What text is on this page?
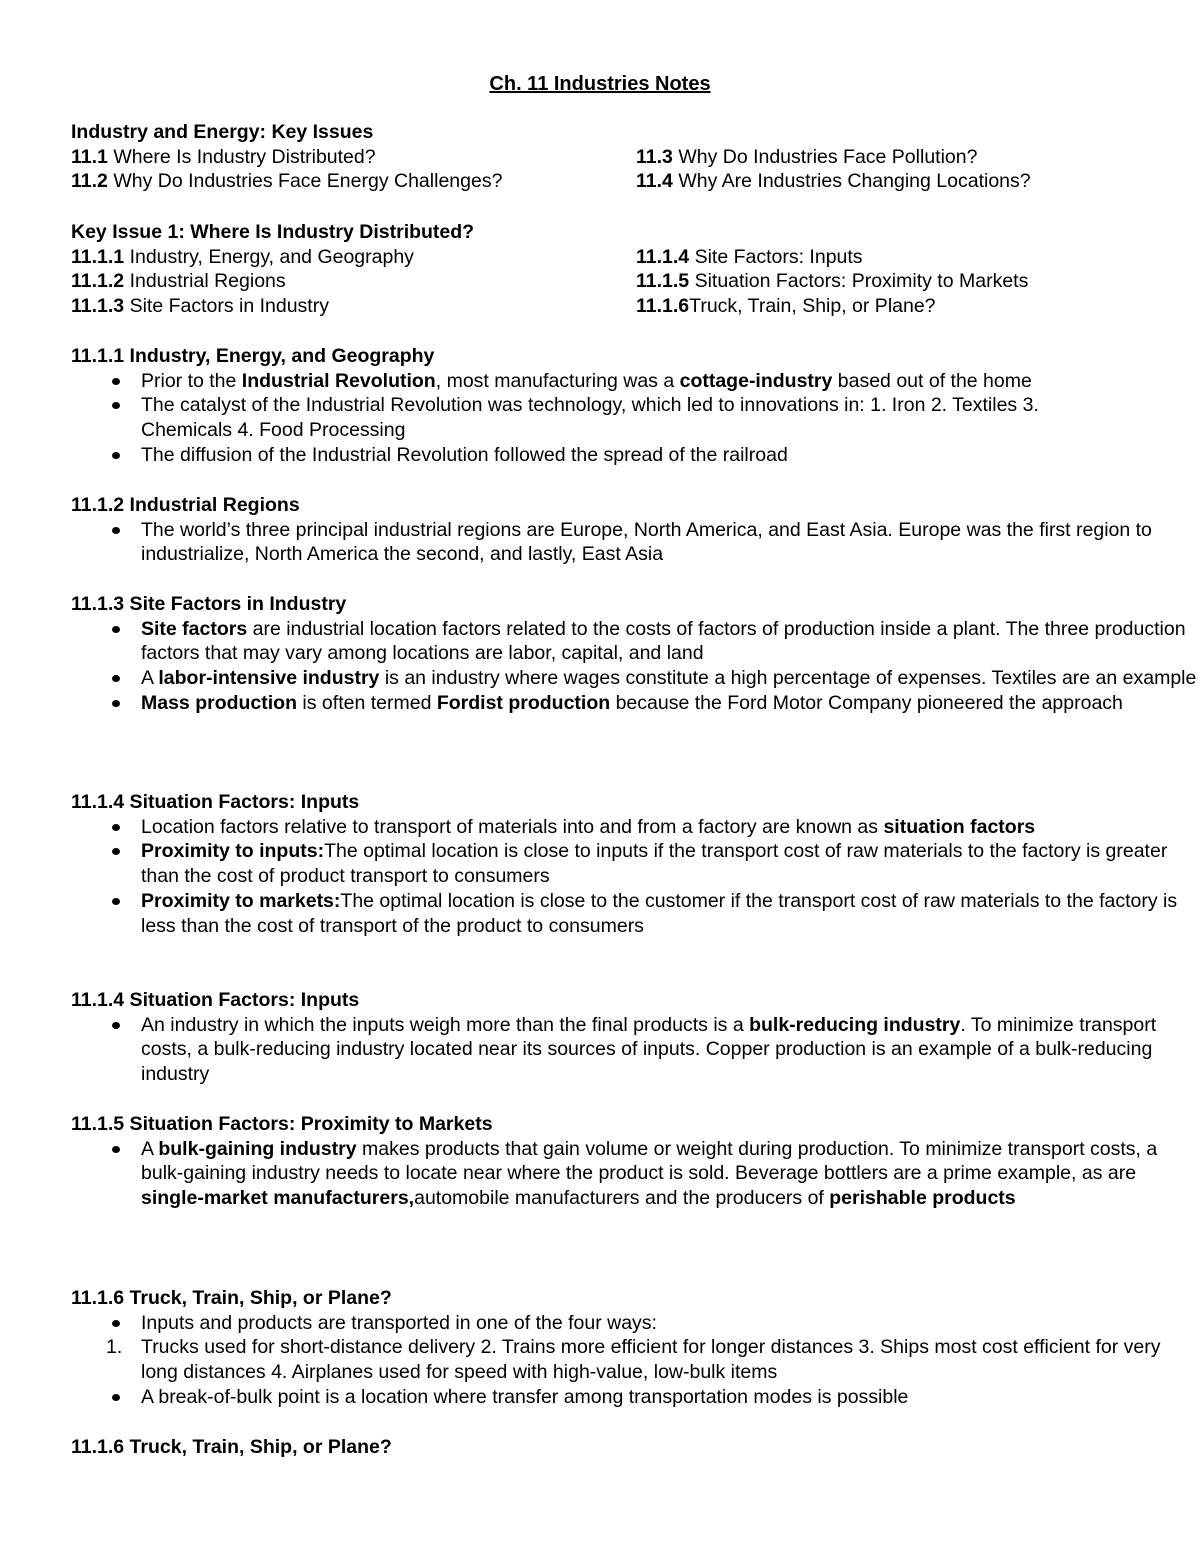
Ch. 11 Industries Notes
Industry and Energy: Key Issues
11.1 Where Is Industry Distributed?	11.3 Why Do Industries Face Pollution?
11.2 Why Do Industries Face Energy Challenges?	11.4 Why Are Industries Changing Locations?
Key Issue 1: Where Is Industry Distributed?
11.1.1 Industry, Energy, and Geography	11.1.4 Site Factors: Inputs
11.1.2 Industrial Regions	11.1.5 Situation Factors: Proximity to Markets
11.1.3 Site Factors in Industry	11.1.6Truck, Train, Ship, or Plane?
11.1.1 Industry, Energy, and Geography
Prior to the Industrial Revolution, most manufacturing was a cottage-industry based out of the home
The catalyst of the Industrial Revolution was technology, which led to innovations in: 1. Iron 2. Textiles 3. Chemicals 4. Food Processing
The diffusion of the Industrial Revolution followed the spread of the railroad
11.1.2 Industrial Regions
The world’s three principal industrial regions are Europe, North America, and East Asia. Europe was the first region to industrialize, North America the second, and lastly, East Asia
11.1.3 Site Factors in Industry
Site factors are industrial location factors related to the costs of factors of production inside a plant. The three production factors that may vary among locations are labor, capital, and land
A labor-intensive industry is an industry where wages constitute a high percentage of expenses. Textiles are an example
Mass production is often termed Fordist production because the Ford Motor Company pioneered the approach
11.1.4 Situation Factors: Inputs
Location factors relative to transport of materials into and from a factory are known as situation factors
Proximity to inputs:The optimal location is close to inputs if the transport cost of raw materials to the factory is greater than the cost of product transport to consumers
Proximity to markets:The optimal location is close to the customer if the transport cost of raw materials to the factory is less than the cost of transport of the product to consumers
11.1.4 Situation Factors: Inputs
An industry in which the inputs weigh more than the final products is a bulk-reducing industry. To minimize transport costs, a bulk-reducing industry located near its sources of inputs. Copper production is an example of a bulk-reducing industry
11.1.5 Situation Factors: Proximity to Markets
A bulk-gaining industry makes products that gain volume or weight during production. To minimize transport costs, a bulk-gaining industry needs to locate near where the product is sold. Beverage bottlers are a prime example, as are single-market manufacturers,automobile manufacturers and the producers of perishable products
11.1.6 Truck, Train, Ship, or Plane?
Inputs and products are transported in one of the four ways:
1. Trucks used for short-distance delivery 2. Trains more efficient for longer distances 3. Ships most cost efficient for very long distances 4. Airplanes used for speed with high-value, low-bulk items
A break-of-bulk point is a location where transfer among transportation modes is possible
11.1.6 Truck, Train, Ship, or Plane?
